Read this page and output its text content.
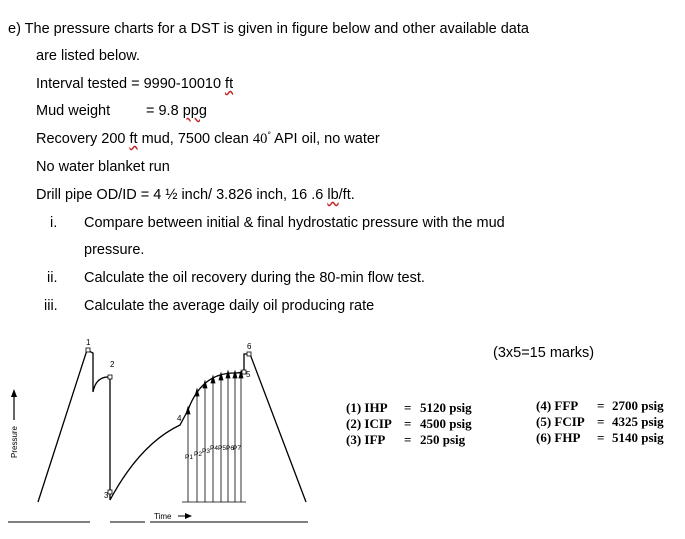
e) The pressure charts for a DST is given in figure below and other available data
are listed below.
Interval tested = 9990-10010 ft
Mud weight = 9.8 ppg
Recovery 200 ft mud, 7500 clean 40° API oil, no water
No water blanket run
Drill pipe OD/ID = 4 ½ inch/ 3.826 inch, 16 .6 lb/ft.
i. Compare between initial & final hydrostatic pressure with the mud
pressure.
ii. Calculate the oil recovery during the 80-min flow test.
iii. Calculate the average daily oil producing rate
(3x5=15 marks)
Pressure
1
2
3
4
5
6
P1 P2 P3 P4 P5 P6 P7
Time
(1) IHP = 5120 psig
(2) ICIP = 4500 psig
(3) IFP = 250 psig
(4) FFP = 2700 psig
(5) FCIP = 4325 psig
(6) FHP = 5140 psig
